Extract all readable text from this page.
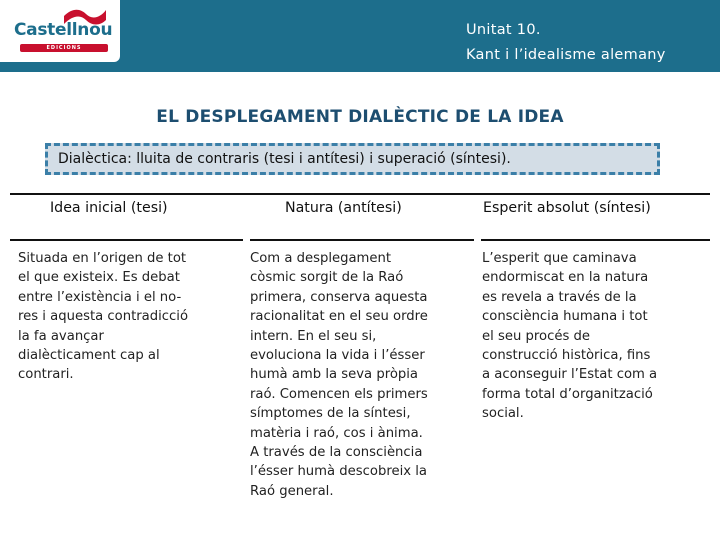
Castellnou
EDICIONS
Unitat 10.
Kant i l’idealisme alemany
EL DESPLEGAMENT DIALÈCTIC DE LA IDEA
Dialèctica: lluita de contraris (tesi i antítesi) i superació (síntesi).
Idea inicial (tesi)	Natura (antítesi)	Esperit absolut (síntesi)
Situada en l’origen de tot
el que existeix. Es debat
entre l’existència i el no-
res i aquesta contradicció
la fa avançar
dialècticament cap al
contrari.
Com a desplegament
còsmic sorgit de la Raó
primera, conserva aquesta
racionalitat en el seu ordre
intern. En el seu si,
evoluciona la vida i l’ésser
humà amb la seva pròpia
raó. Comencen els primers
símptomes de la síntesi,
matèria i raó, cos i ànima.
A través de la consciència
l’ésser humà descobreix la
Raó general.
L’esperit que caminava
endormiscat en la natura
es revela a través de la
consciència humana i tot
el seu procés de
construcció històrica, fins
a aconseguir l’Estat com a
forma total d’organització
social.
